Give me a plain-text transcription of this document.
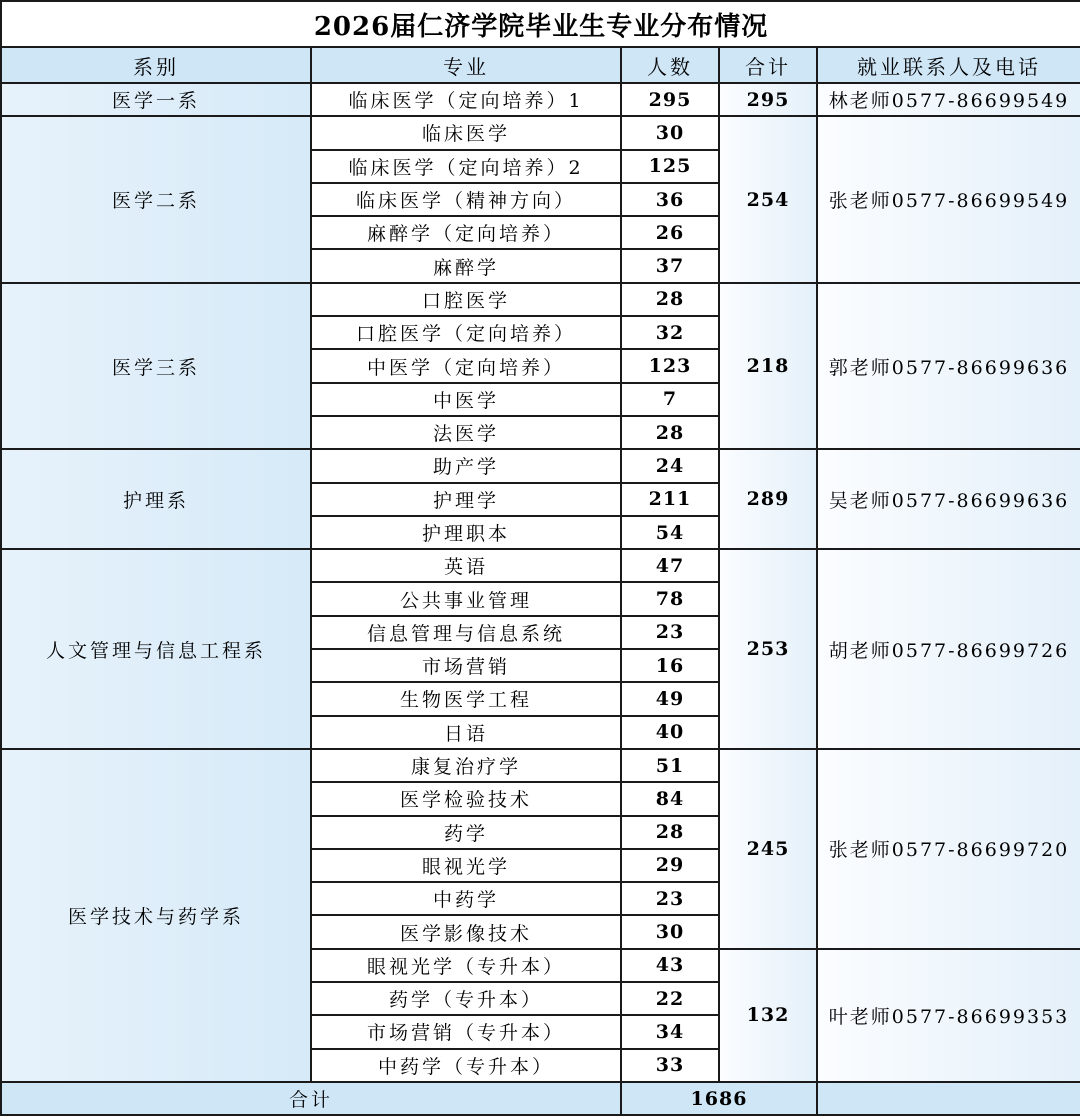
2026届仁济学院毕业生专业分布情况				
系别	专业	人数	合计	就业联系人及电话
医学一系	临床医学（定向培养）1	295	295	林老师0577-86699549
医学二系	临床医学	30	254	张老师0577-86699549
	临床医学（定向培养）2	125		
	临床医学（精神方向）	36		
	麻醉学（定向培养）	26		
	麻醉学	37		
医学三系	口腔医学	28	218	郭老师0577-86699636
	口腔医学（定向培养）	32		
	中医学（定向培养）	123		
	中医学	7		
	法医学	28		
护理系	助产学	24	289	吴老师0577-86699636
	护理学	211		
	护理职本	54		
人文管理与信息工程系	英语	47	253	胡老师0577-86699726
	公共事业管理	78		
	信息管理与信息系统	23		
	市场营销	16		
	生物医学工程	49		
	日语	40		
医学技术与药学系	康复治疗学	51	245	张老师0577-86699720
	医学检验技术	84		
	药学	28		
	眼视光学	29		
	中药学	23		
	医学影像技术	30		
	眼视光学（专升本）	43	132	叶老师0577-86699353
	药学（专升本）	22		
	市场营销（专升本）	34		
	中药学（专升本）	33		
合计		1686		
